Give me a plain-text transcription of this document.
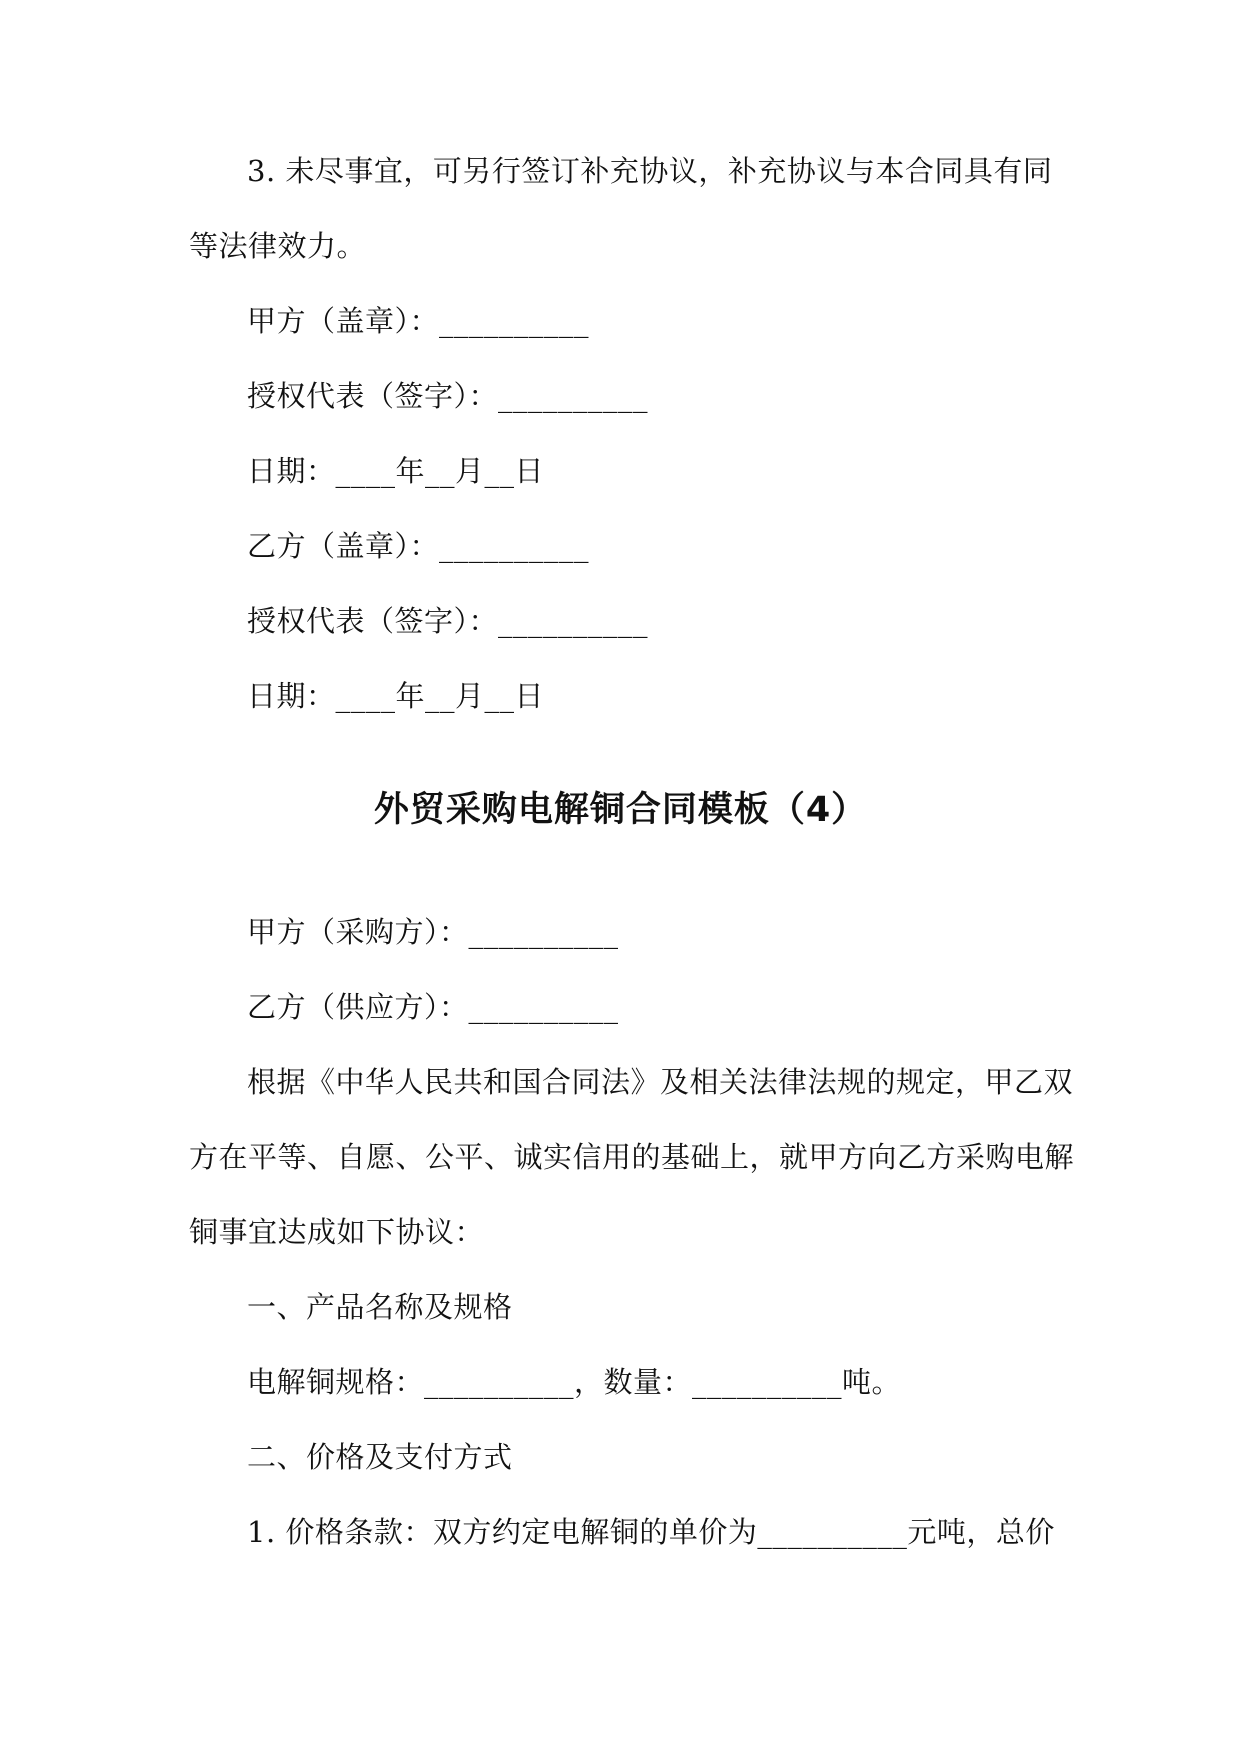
3. 未尽事宜，可另行签订补充协议，补充协议与本合同具有同
等法律效力。
甲方（盖章）：__________
授权代表（签字）：__________
日期：____年__月__日
乙方（盖章）：__________
授权代表（签字）：__________
日期：____年__月__日
外贸采购电解铜合同模板（4）
甲方（采购方）：__________
乙方（供应方）：__________
根据《中华人民共和国合同法》及相关法律法规的规定，甲乙双
方在平等、自愿、公平、诚实信用的基础上，就甲方向乙方采购电解
铜事宜达成如下协议：
一、产品名称及规格
电解铜规格：__________，数量：__________吨。
二、价格及支付方式
1. 价格条款：双方约定电解铜的单价为__________元吨，总价
